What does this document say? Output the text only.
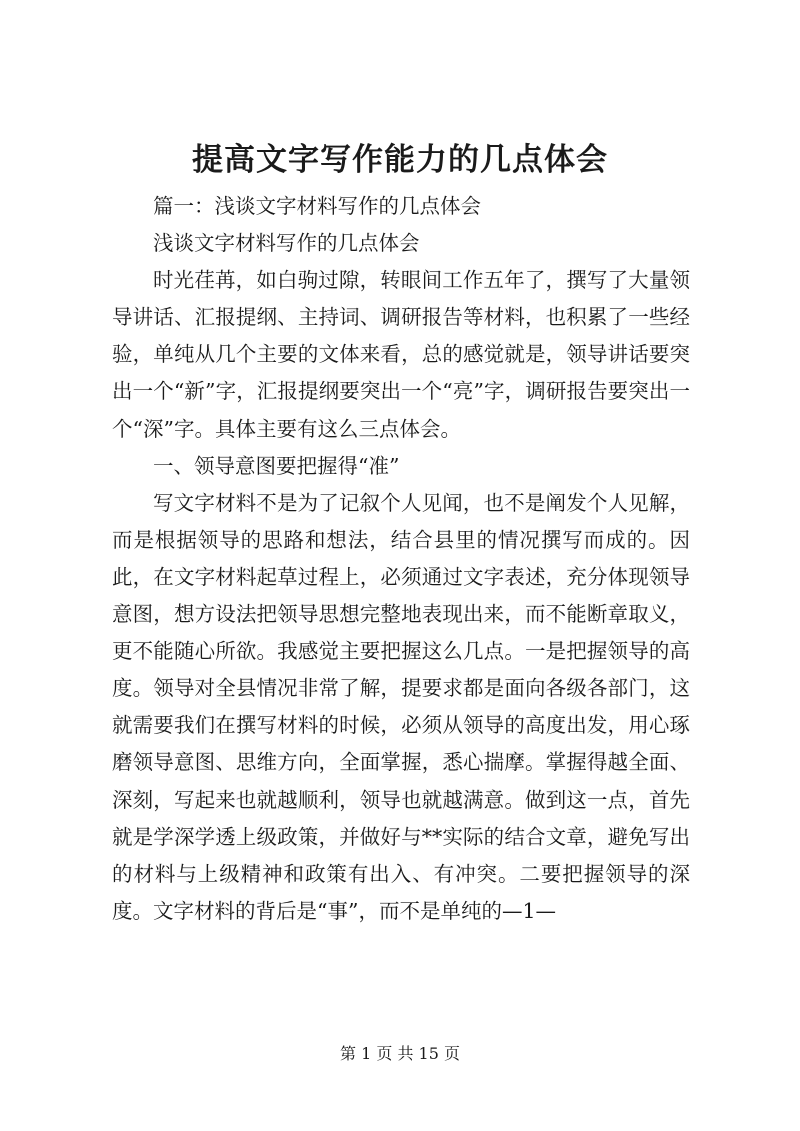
提高文字写作能力的几点体会

篇一：浅谈文字材料写作的几点体会

浅谈文字材料写作的几点体会

时光荏苒，如白驹过隙，转眼间工作五年了，撰写了大量领导讲话、汇报提纲、主持词、调研报告等材料，也积累了一些经验，单纯从几个主要的文体来看，总的感觉就是，领导讲话要突出一个“新”字，汇报提纲要突出一个“亮”字，调研报告要突出一个“深”字。具体主要有这么三点体会。

一、领导意图要把握得“准”

写文字材料不是为了记叙个人见闻，也不是阐发个人见解，而是根据领导的思路和想法，结合县里的情况撰写而成的。因此，在文字材料起草过程上，必须通过文字表述，充分体现领导意图，想方设法把领导思想完整地表现出来，而不能断章取义，更不能随心所欲。我感觉主要把握这么几点。一是把握领导的高度。领导对全县情况非常了解，提要求都是面向各级各部门，这就需要我们在撰写材料的时候，必须从领导的高度出发，用心琢磨领导意图、思维方向，全面掌握，悉心揣摩。掌握得越全面、深刻，写起来也就越顺利，领导也就越满意。做到这一点，首先就是学深学透上级政策，并做好与**实际的结合文章，避免写出的材料与上级精神和政策有出入、有冲突。二要把握领导的深度。文字材料的背后是“事”，而不是单纯的—1—

第 1 页 共 15 页
